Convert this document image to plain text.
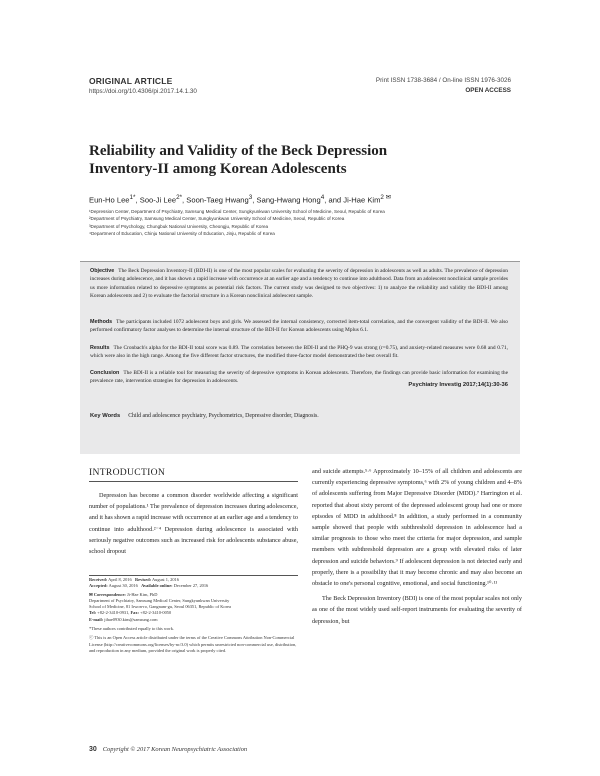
ORIGINAL ARTICLE
https://doi.org/10.4306/pi.2017.14.1.30
Print ISSN 1738-3684 / On-line ISSN 1976-3026
OPEN ACCESS
Reliability and Validity of the Beck Depression
Inventory-II among Korean Adolescents
Eun-Ho Lee$^{1*}$, Soo-Ji Lee$^{2*}$, Soon-Taeg Hwang$^3$, Sang-Hwang Hong$^4$, and Ji-Hae Kim$^{2 ✉}$
¹Depression Center, Department of Psychiatry, Samsung Medical Center, Sungkyunkwan University School of Medicine, Seoul, Republic of Korea
²Department of Psychiatry, Samsung Medical Center, Sungkyunkwan University School of Medicine, Seoul, Republic of Korea
³Department of Psychology, Chungbuk National University, Cheongju, Republic of Korea
⁴Department of Education, Chinju National University of Education, Jinju, Republic of Korea
Objective The Beck Depression Inventory-II (BDI-II) is one of the most popular scales for evaluating the severity of depression in adolescents as well as adults. The prevalence of depression increases during adolescence, and it has shown a rapid increase with occurrence at an earlier age and a tendency to continue into adulthood. Data from an adolescent nonclinical sample provides us more information related to depressive symptoms as potential risk factors. The current study was designed to two objectives: 1) to analyze the reliability and validity the BDI-II among Korean adolescents and 2) to evaluate the factorial structure in a Korean nonclinical adolescent sample.
Methods The participants included 1072 adolescent boys and girls. We assessed the internal consistency, corrected item-total correlation, and the convergent validity of the BDI-II. We also performed confirmatory factor analyses to determine the internal structure of the BDI-II for Korean adolescents using Mplus 6.1.
Results The Cronbach's alpha for the BDI-II total score was 0.89. The correlation between the BDI-II and the PHQ-9 was strong (r=0.75), and anxiety-related measures were 0.68 and 0.71, which were also in the high range. Among the five different factor structures, the modified three-factor model demonstrated the best overall fit.
Conclusion The BDI-II is a reliable tool for measuring the severity of depressive symptoms in Korean adolescents. Therefore, the findings can provide basic information for examining the prevalence rate, intervention strategies for depression in adolescents.
Psychiatry Investig 2017;14(1):30-36
Key Words Child and adolescence psychiatry, Psychometrics, Depressive disorder, Diagnosis.
INTRODUCTION

Depression has become a common disorder worldwide affecting a significant number of populations.¹ The prevalence of depression increases during adolescence, and it has shown a rapid increase with occurrence at an earlier age and a tendency to continue into adulthood.²⁻⁴ Depression during adolescence is associated with seriously negative outcomes such as increased risk for adolescents substance abuse, school dropout

and suicide attempts.⁵·⁶ Approximately 10–15% of all children and adolescents are currently experiencing depressive symptoms,⁶ with 2% of young children and 4–8% of adolescents suffering from Major Depressive Disorder (MDD).⁷ Harrington et al. reported that about sixty percent of the depressed adolescent group had one or more episodes of MDD in adulthood.⁸ In addition, a study performed in a community sample showed that people with subthreshold depression in adolescence had a similar prognosis to those who meet the criteria for major depression, and sample members with subthreshold depression are a group with elevated risks of later depression and suicide behaviors.⁹ If adolescent depression is not detected early and properly, there is a possibility that it may become chronic and may also become an obstacle to one's personal cognitive, emotional, and social functioning.¹⁰·¹¹

The Beck Depression Inventory (BDI) is one of the most popular scales not only as one of the most widely used self-report instruments for evaluating the severity of depression, but

Received: April 8, 2016 Revised: August 1, 2016
Accepted: August 30, 2016 Available online: December 27, 2016
✉ Correspondence: Ji-Hae Kim, PhD
Department of Psychiatry, Samsung Medical Center, Sungkyunkwan University
School of Medicine, 81 Irwon-ro, Gangnam-gu, Seoul 06351, Republic of Korea
Tel: +82-2-3410-0931, Fax: +82-2-3410-0050
E-mail: jihae0930.kim@samsung.com
*These authors contributed equally to this work.
ⓒ This is an Open Access article distributed under the terms of the Creative Commons Attribution Non-Commercial License (http://creativecommons.org/licenses/by-nc/3.0) which permits unrestricted non-commercial use, distribution, and reproduction in any medium, provided the original work is properly cited.
30 Copyright © 2017 Korean Neuropsychiatric Association
